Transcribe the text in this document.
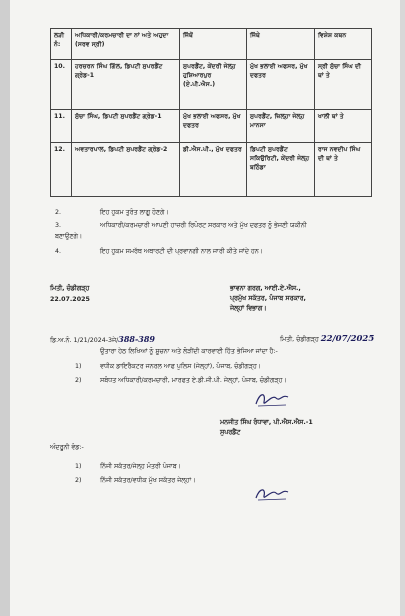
ਲੜੀ ਨੰ:	ਅਧਿਕਾਰੀ/ਕਰਮਚਾਰੀ ਦਾ ਨਾਂ ਅਤੇ ਅਹੁਦਾ (ਸਰਵ ਸ੍ਰੀ)	ਜਿੱਥੋਂ	ਜਿੱਥੇ	ਵਿਸ਼ੇਸ਼ ਕਥਨ
10.	ਹਰਚਰਨ ਸਿੰਘ ਗਿੱਲ, ਡਿਪਟੀ ਸੁਪਰਡੈਂਟ ਗ੍ਰੇਡ-1	ਸੁਪਰਡੈਂਟ, ਕੇਂਦਰੀ ਜੇਲ੍ਹ ਹੁਸ਼ਿਆਰਪੁਰ (ਏ.ਪੀ.ਐਸ.)	ਮੁੱਖ ਭਲਾਈ ਅਫਸਰ, ਮੁੱਖ ਦਫਤਰ	ਸ੍ਰੀ ਸੁੱਚਾ ਸਿੰਘ ਦੀ ਥਾਂ ਤੇ
11.	ਸੁੱਚਾ ਸਿੰਘ, ਡਿਪਟੀ ਸੁਪਰਡੈਂਟ ਗ੍ਰੇਡ-1	ਮੁੱਖ ਭਲਾਈ ਅਫਸਰ, ਮੁੱਖ ਦਫਤਰ	ਸੁਪਰਡੈਂਟ, ਜ਼ਿਲ੍ਹਾ ਜੇਲ੍ਹ ਮਾਨਸਾ	ਖਾਲੀ ਥਾਂ ਤੇ
12.	ਅਵਤਾਰਪਾਲ, ਡਿਪਟੀ ਸੁਪਰਡੈਂਟ ਗ੍ਰੇਡ-2	ਡੀ.ਐਸ.ਪੀ., ਮੁੱਖ ਦਫਤਰ	ਡਿਪਟੀ ਸੁਪਰਡੈਂਟ ਸਕਿਉਰਿਟੀ, ਕੇਂਦਰੀ ਜੇਲ੍ਹ ਬਠਿੰਡਾ	ਰਾਜ ਨਵਦੀਪ ਸਿੰਘ ਦੀ ਥਾਂ ਤੇ
2.	ਇਹ ਹੁਕਮ ਤੁਰੰਤ ਲਾਗੂ ਹੋਣਗੇ।
3.	ਅਧਿਕਾਰੀ/ਕਰਮਚਾਰੀ ਆਪਣੀ ਹਾਜ਼ਰੀ ਰਿਪੋਰਟ ਸਰਕਾਰ ਅਤੇ ਮੁੱਖ ਦਫਤਰ ਨੂੰ ਭੇਜਣੀ ਯਕੀਨੀ
ਬਣਾਉਣਗੇ।
4.	ਇਹ ਹੁਕਮ ਸਮਰੱਥ ਅਥਾਰਟੀ ਦੀ ਪ੍ਰਵਾਨਗੀ ਨਾਲ ਜਾਰੀ ਕੀਤੇ ਜਾਂਦੇ ਹਨ।
ਮਿਤੀ, ਚੰਡੀਗੜ੍ਹ
22.07.2025
ਭਾਵਨਾ ਗਰਗ, ਆਈ.ਏ.ਐਸ.,
ਪ੍ਰਮੁੱਖ ਸਕੱਤਰ, ਪੰਜਾਬ ਸਰਕਾਰ,
ਜੇਲ੍ਹਾਂ ਵਿਭਾਗ।
ਡਿ.ਅ.ਨੰ. 1/21/2024-3ਜੇ/388-389	ਮਿਤੀ, ਚੰਡੀਗੜ੍ਹ 22/07/2025
ਉਤਾਰਾ ਹੇਠ ਲਿਖਿਆਂ ਨੂੰ ਸੂਚਨਾ ਅਤੇ ਲੋੜੀਂਦੀ ਕਾਰਵਾਈ ਹਿੱਤ ਭੇਜਿਆ ਜਾਂਦਾ ਹੈ:-
1)	ਵਧੀਕ ਡਾਇਰੈਕਟਰ ਜਨਰਲ ਆਫ ਪੁਲਿਸ (ਜੇਲ੍ਹਾਂ), ਪੰਜਾਬ, ਚੰਡੀਗੜ੍ਹ।
2)	ਸਬੰਧਤ ਅਧਿਕਾਰੀ/ਕਰਮਚਾਰੀ, ਮਾਰਫਤ ਏ.ਡੀ.ਜੀ.ਪੀ. ਜੇਲ੍ਹਾਂ, ਪੰਜਾਬ, ਚੰਡੀਗੜ੍ਹ।
ਮਨਜੀਤ ਸਿੰਘ ਰੰਧਾਵਾ, ਪੀ.ਐਸ.ਐਸ.-1
ਸੁਪਰਡੈਂਟ
ਅੰਦਰੂਨੀ ਵੰਡ:-
1)	ਨਿੱਜੀ ਸਕੱਤਰ/ਜੇਲ੍ਹ ਮੰਤਰੀ ਪੰਜਾਬ।
2)	ਨਿੱਜੀ ਸਕੱਤਰ/ਵਧੀਕ ਮੁੱਖ ਸਕੱਤਰ ਜੇਲ੍ਹਾਂ।
